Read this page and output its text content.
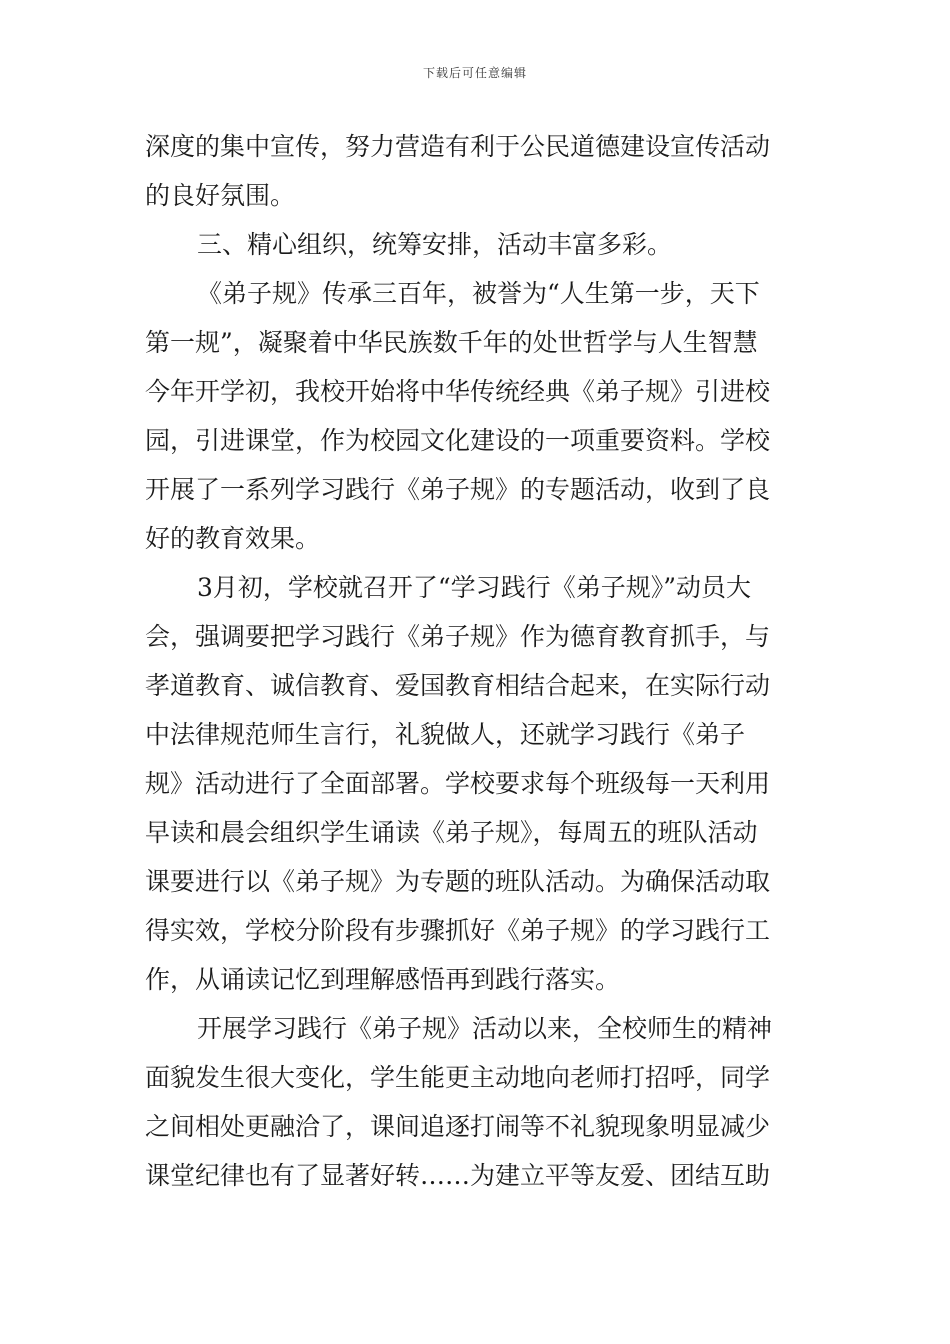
下载后可任意编辑
深度的集中宣传，努力营造有利于公民道德建设宣传活动
的良好氛围。
三、精心组织，统筹安排，活动丰富多彩。
《弟子规》传承三百年，被誉为“人生第一步，天下
第一规”，凝聚着中华民族数千年的处世哲学与人生智慧
今年开学初，我校开始将中华传统经典《弟子规》引进校
园，引进课堂，作为校园文化建设的一项重要资料。学校
开展了一系列学习践行《弟子规》的专题活动，收到了良
好的教育效果。
3月初，学校就召开了“学习践行《弟子规》”动员大
会，强调要把学习践行《弟子规》作为德育教育抓手，与
孝道教育、诚信教育、爱国教育相结合起来，在实际行动
中法律规范师生言行，礼貌做人，还就学习践行《弟子
规》活动进行了全面部署。学校要求每个班级每一天利用
早读和晨会组织学生诵读《弟子规》，每周五的班队活动
课要进行以《弟子规》为专题的班队活动。为确保活动取
得实效，学校分阶段有步骤抓好《弟子规》的学习践行工
作，从诵读记忆到理解感悟再到践行落实。
开展学习践行《弟子规》活动以来，全校师生的精神
面貌发生很大变化，学生能更主动地向老师打招呼，同学
之间相处更融洽了，课间追逐打闹等不礼貌现象明显减少
课堂纪律也有了显著好转……为建立平等友爱、团结互助
